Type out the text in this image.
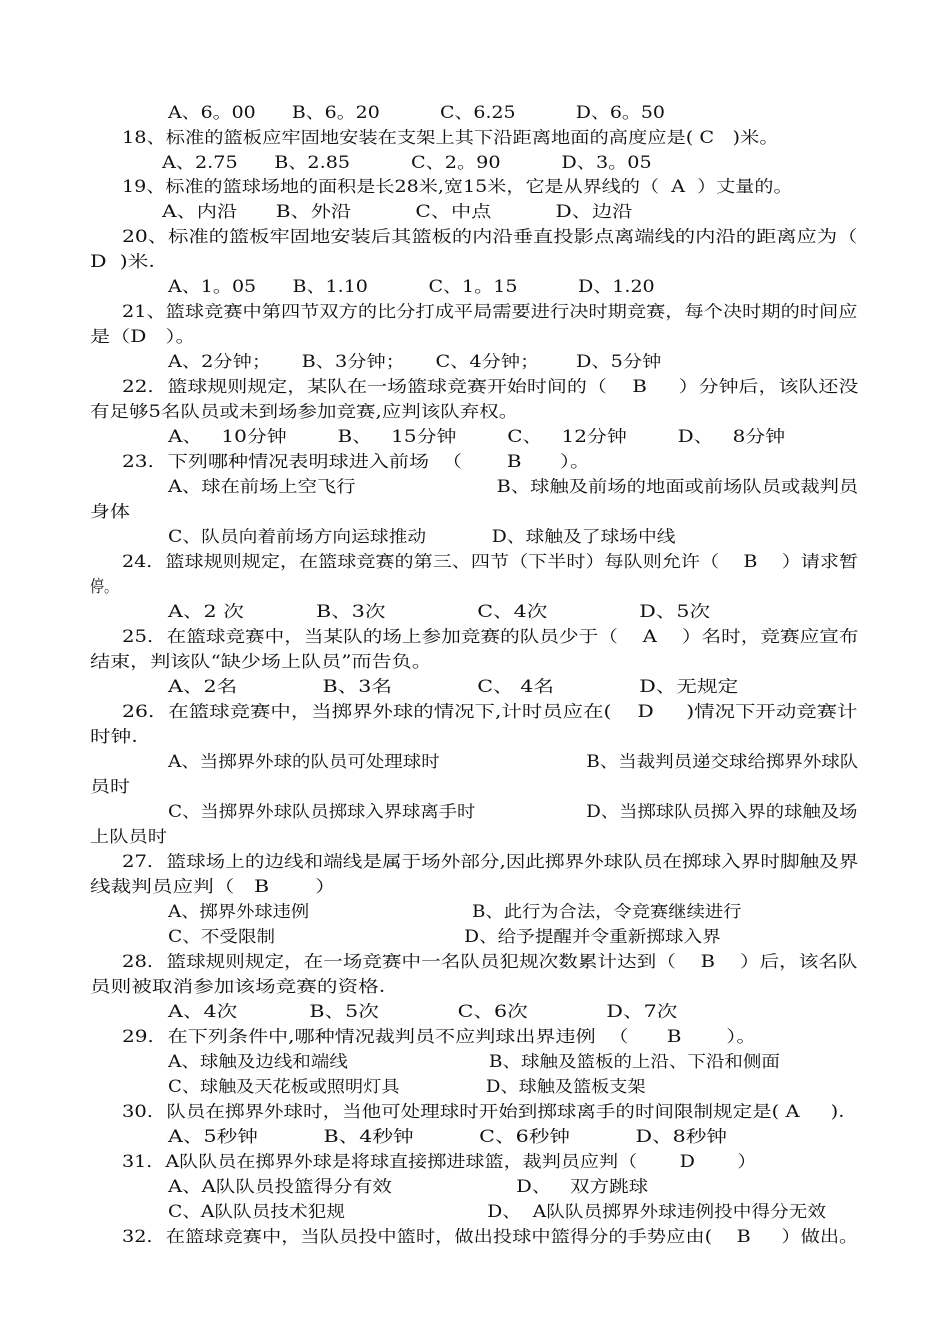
A、6。00      B、6。20          C、6.25          D、6。50
18、标准的篮板应牢固地安装在支架上其下沿距离地面的高度应是( C   )米。
A、2.75      B、2.85          C、2。90          D、3。05
19、标准的篮球场地的面积是长28米,宽15米，它是从界线的（  A  ）丈量的。
A、内沿      B、外沿          C、中点          D、边沿
20、标准的篮板牢固地安装后其篮板的内沿垂直投影点离端线的内沿的距离应为（
D  )米.
A、1。05      B、1.10          C、1。15          D、1.20
21、篮球竞赛中第四节双方的比分打成平局需要进行决时期竞赛，每个决时期的时间应
是（D   ）。
A、2分钟；     B、3分钟；     C、4分钟；      D、5分钟
22．篮球规则规定，某队在一场篮球竞赛开始时间的（    B     ）分钟后，该队还没
有足够5名队员或未到场参加竞赛,应判该队弃权。
A、   10分钟        B、   15分钟        C、   12分钟        D、   8分钟
23．下列哪种情况表明球进入前场  （       B      ）。
A、球在前场上空飞行                       B、球触及前场的地面或前场队员或裁判员
身体
C、队员向着前场方向运球推动           D、球触及了球场中线
24．篮球规则规定，在篮球竞赛的第三、四节（下半时）每队则允许（    B    ）请求暂
停。
A、2 次           B、3次              C、4次              D、5次
25．在篮球竞赛中，当某队的场上参加竞赛的队员少于（    A    ）名时，竞赛应宣布
结束，判该队“缺少场上队员”而告负。
A、2名             B、3名             C、 4名             D、无规定
26．在篮球竞赛中，当掷界外球的情况下,计时员应在(    D     )情况下开动竞赛计
时钟.
A、当掷界外球的队员可处理球时                         B、当裁判员递交球给掷界外球队
员时
C、当掷界外球队员掷球入界球离手时                   D、当掷球队员掷入界的球触及场
上队员时
27．篮球场上的边线和端线是属于场外部分,因此掷界外球队员在掷球入界时脚触及界
线裁判员应判（   B       ）
A、掷界外球违例                            B、此行为合法，令竞赛继续进行
C、不受限制                                D、给予提醒并令重新掷球入界
28．篮球规则规定，在一场竞赛中一名队员犯规次数累计达到（    B    ）后，该名队
员则被取消参加该场竞赛的资格.
A、4次           B、5次            C、6次            D、7次
29．在下列条件中,哪种情况裁判员不应判球出界违例  （      B       ）。
A、球触及边线和端线                        B、球触及篮板的上沿、下沿和侧面
C、球触及天花板或照明灯具               D、球触及篮板支架
30．队员在掷界外球时，当他可处理球时开始到掷球离手的时间限制规定是( A     ).
A、5秒钟          B、4秒钟          C、6秒钟          D、8秒钟
31．A队队员在掷界外球是将球直接掷进球篮，裁判员应判（       D       ）
A、A队队员投篮得分有效                    D、   双方跳球
C、A队队员技术犯规                        D、  A队队员掷界外球违例投中得分无效
32．在篮球竞赛中，当队员投中篮时，做出投球中篮得分的手势应由(    B     ）做出。
